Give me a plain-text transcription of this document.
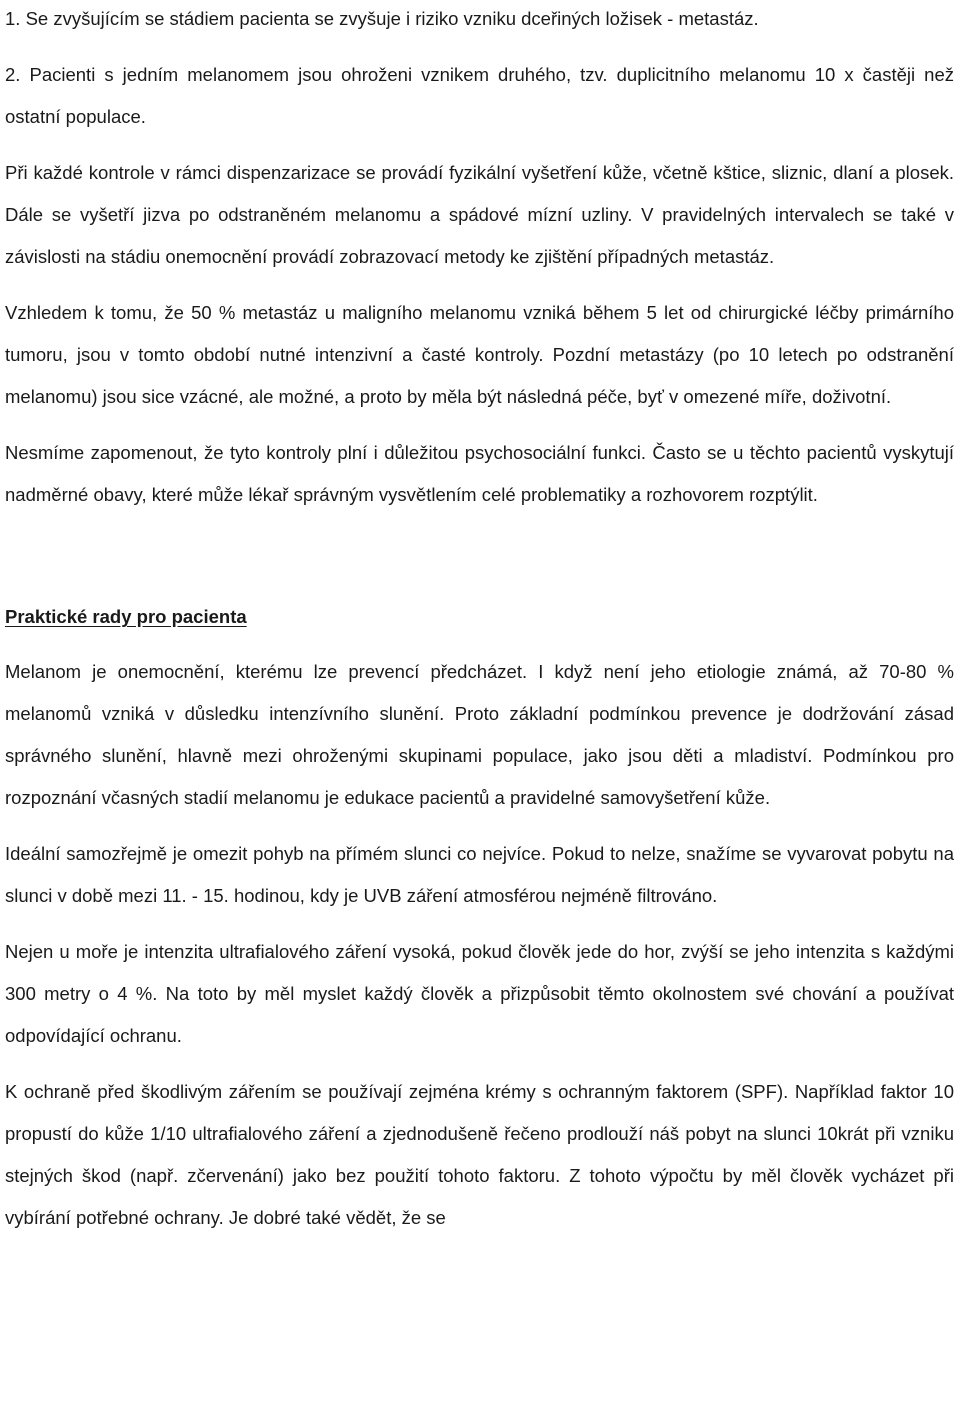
1. Se zvyšujícím se stádiem pacienta se zvyšuje i riziko vzniku dceřiných ložisek - metastáz.

2. Pacienti s jedním melanomem jsou ohroženi vznikem druhého, tzv. duplicitního melanomu 10 x častěji než ostatní populace.

Při každé kontrole v rámci dispenzarizace se provádí fyzikální vyšetření kůže, včetně kštice, sliznic, dlaní a plosek. Dále se vyšetří jizva po odstraněném melanomu a spádové mízní uzliny. V pravidelných intervalech se také v závislosti na stádiu onemocnění provádí zobrazovací metody ke zjištění případných metastáz.

Vzhledem k tomu, že 50 % metastáz u maligního melanomu vzniká během 5 let od chirurgické léčby primárního tumoru, jsou v tomto období nutné intenzivní a časté kontroly. Pozdní metastázy (po 10 letech po odstranění melanomu) jsou sice vzácné, ale možné, a proto by měla být následná péče, byť v omezené míře, doživotní.

Nesmíme zapomenout, že tyto kontroly plní i důležitou psychosociální funkci. Často se u těchto pacientů vyskytují nadměrné obavy, které může lékař správným vysvětlením celé problematiky a rozhovorem rozptýlit.

Praktické rady pro pacienta

Melanom je onemocnění, kterému lze prevencí předcházet. I když není jeho etiologie známá, až 70-80 % melanomů vzniká v důsledku intenzívního slunění. Proto základní podmínkou prevence je dodržování zásad správného slunění, hlavně mezi ohroženými skupinami populace, jako jsou děti a mladiství. Podmínkou pro rozpoznání včasných stadií melanomu je edukace pacientů a pravidelné samovyšetření kůže.

Ideální samozřejmě je omezit pohyb na přímém slunci co nejvíce. Pokud to nelze, snažíme se vyvarovat pobytu na slunci v době mezi 11. - 15. hodinou, kdy je UVB záření atmosférou nejméně filtrováno.

Nejen u moře je intenzita ultrafialového záření vysoká, pokud člověk jede do hor, zvýší se jeho intenzita s každými 300 metry o 4 %. Na toto by měl myslet každý člověk a přizpůsobit těmto okolnostem své chování a používat odpovídající ochranu.

K ochraně před škodlivým zářením se používají zejména krémy s ochranným faktorem (SPF). Například faktor 10 propustí do kůže 1/10 ultrafialového záření a zjednodušeně řečeno prodlouží náš pobyt na slunci 10krát při vzniku stejných škod (např. zčervenání) jako bez použití tohoto faktoru. Z tohoto výpočtu by měl člověk vycházet při vybírání potřebné ochrany. Je dobré také vědět, že se
